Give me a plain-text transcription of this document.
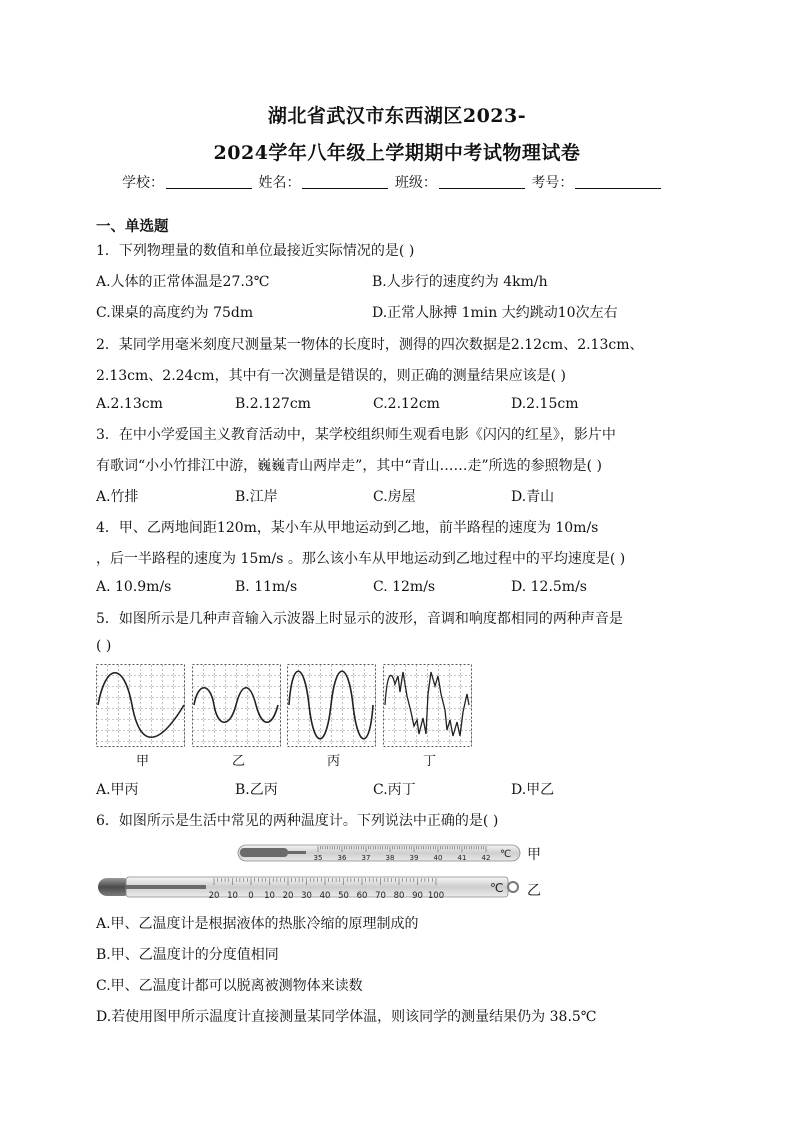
湖北省武汉市东西湖区2023-
2024学年八年级上学期期中考试物理试卷
学校：	姓名：	班级：	考号：
一、单选题
1．下列物理量的数值和单位最接近实际情况的是( )
A.人体的正常体温是27.3℃	B.人步行的速度约为 4km/h
C.课桌的高度约为 75dm	D.正常人脉搏 1min 大约跳动10次左右
2．某同学用毫米刻度尺测量某一物体的长度时，测得的四次数据是2.12cm、2.13cm、
2.13cm、2.24cm，其中有一次测量是错误的，则正确的测量结果应该是( )
A.2.13cm	B.2.127cm	C.2.12cm	D.2.15cm
3．在中小学爱国主义教育活动中，某学校组织师生观看电影《闪闪的红星》，影片中
有歌词“小小竹排江中游，巍巍青山两岸走”，其中“青山……走”所选的参照物是( )
A.竹排	B.江岸	C.房屋	D.青山
4．甲、乙两地间距120m，某小车从甲地运动到乙地，前半路程的速度为 10m/s
，后一半路程的速度为 15m/s 。那么该小车从甲地运动到乙地过程中的平均速度是( )
A. 10.9m/s	B. 11m/s	C. 12m/s	D. 12.5m/s
5．如图所示是几种声音输入示波器上时显示的波形，音调和响度都相同的两种声音是
( )
甲	乙	丙	丁
A.甲丙	B.乙丙	C.丙丁	D.甲乙
6．如图所示是生活中常见的两种温度计。下列说法中正确的是( )
35 36 37 38 39 40 41 42 ℃ 甲
20 10 0 10 20 30 40 50 60 70 80 90 100
℃ 乙
A.甲、乙温度计是根据液体的热胀冷缩的原理制成的
B.甲、乙温度计的分度值相同
C.甲、乙温度计都可以脱离被测物体来读数
D.若使用图甲所示温度计直接测量某同学体温，则该同学的测量结果仍为 38.5℃
